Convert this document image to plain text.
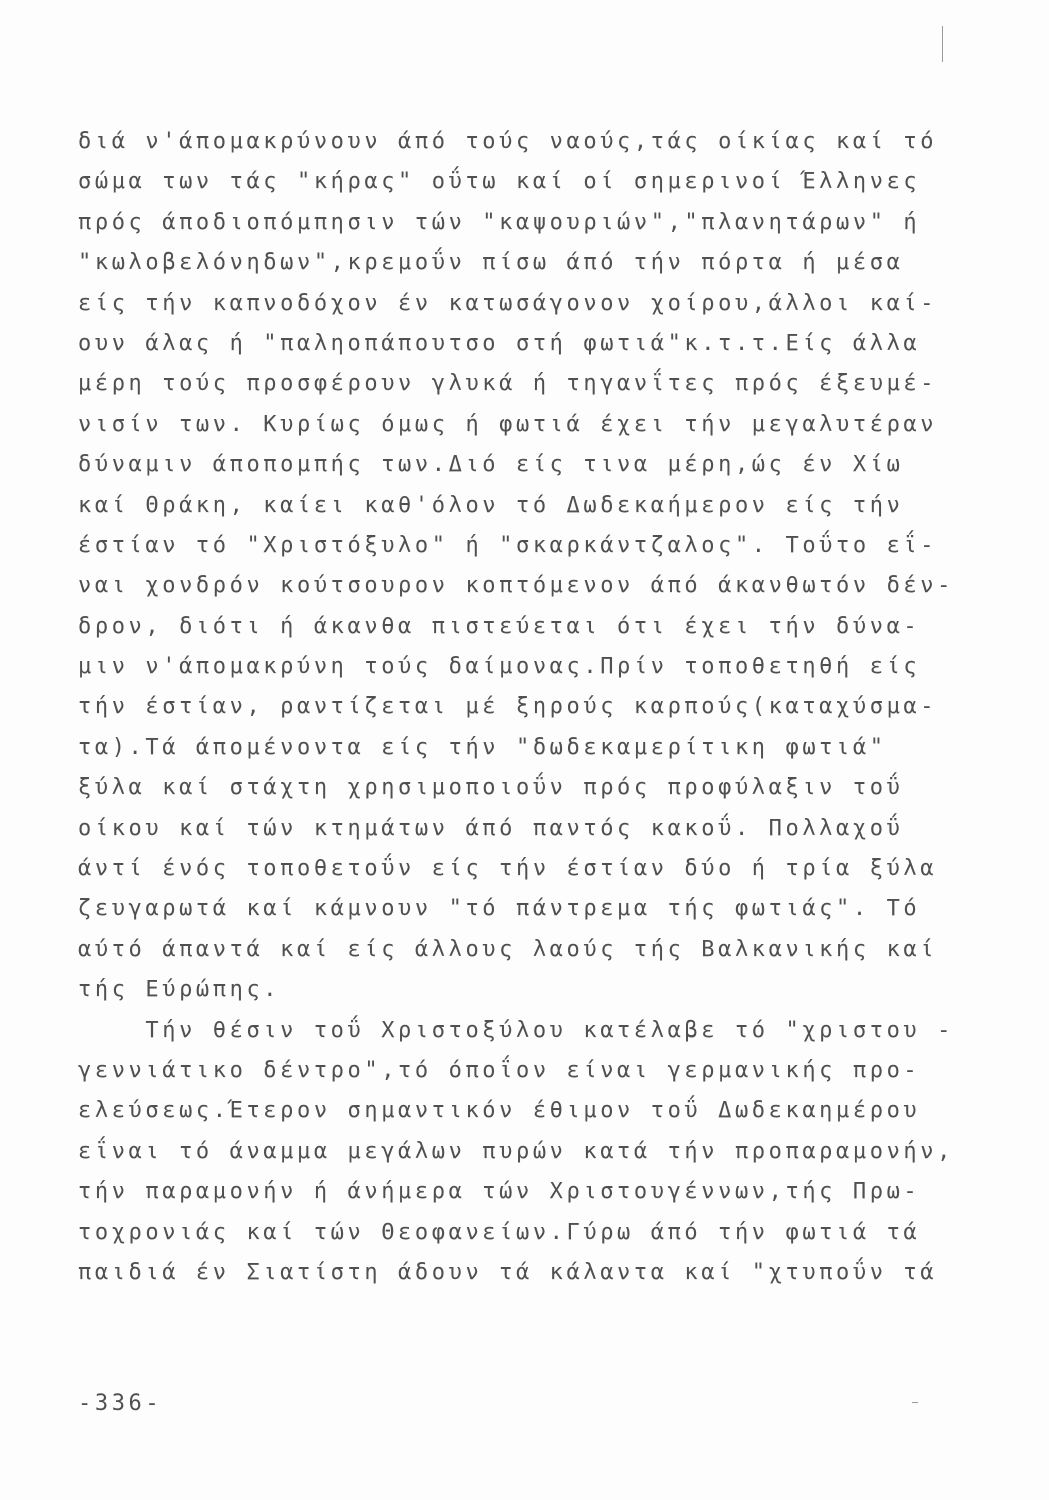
διά ν'άπομακρύνουν άπό τούς ναούς,τάς οίκίας καί τό
σώμα των τάς "κήρας" οΰτω καί οί σημερινοί Έλληνες
πρός άποδιοπόμπησιν τών "καψουριών","πλανητάρων" ή
"κωλοβελόνηδων",κρεμοΰν πίσω άπό τήν πόρτα ή μέσα
είς τήν καπνοδόχον έν κατωσάγονον χοίρου,άλλοι καί-
ουν άλας ή "παληοπάπουτσο στή φωτιά"κ.τ.τ.Είς άλλα
μέρη τούς προσφέρουν γλυκά ή τηγανΐτες πρός έξευμέ-
νισίν των. Κυρίως όμως ή φωτιά έχει τήν μεγαλυτέραν
δύναμιν άποπομπής των.Διό είς τινα μέρη,ώς έν Χίω
καί Θράκη, καίει καθ'όλον τό Δωδεκαήμερον είς τήν
έστίαν τό "Χριστόξυλο" ή "σκαρκάντζαλος". Τοΰτο εΐ-
ναι χονδρόν κούτσουρον κοπτόμενον άπό άκανθωτόν δέν-
δρον, διότι ή άκανθα πιστεύεται ότι έχει τήν δύνα-
μιν ν'άπομακρύνη τούς δαίμονας.Πρίν τοποθετηθή είς
τήν έστίαν, ραντίζεται μέ ξηρούς καρπούς(καταχύσμα-
τα).Τά άπομένοντα είς τήν "δωδεκαμερίτικη φωτιά"
ξύλα καί στάχτη χρησιμοποιοΰν πρός προφύλαξιν τοΰ
οίκου καί τών κτημάτων άπό παντός κακοΰ. Πολλαχοΰ
άντί ένός τοποθετοΰν είς τήν έστίαν δύο ή τρία ξύλα
ζευγαρωτά καί κάμνουν "τό πάντρεμα τής φωτιάς". Τό
αύτό άπαντά καί είς άλλους λαούς τής Βαλκανικής καί
τής Εύρώπης.
Τήν θέσιν τοΰ Χριστοξύλου κατέλαβε τό "χριστου -
γεννιάτικο δέντρο",τό όποΐον είναι γερμανικής προ-
ελεύσεως.Έτερον σημαντικόν έθιμον τοΰ Δωδεκαημέρου
εΐναι τό άναμμα μεγάλων πυρών κατά τήν προπαραμονήν,
τήν παραμονήν ή άνήμερα τών Χριστουγέννων,τής Πρω-
τοχρονιάς καί τών Θεοφανείων.Γύρω άπό τήν φωτιά τά
παιδιά έν Σιατίστη άδουν τά κάλαντα καί "χτυποΰν τά
-336-
